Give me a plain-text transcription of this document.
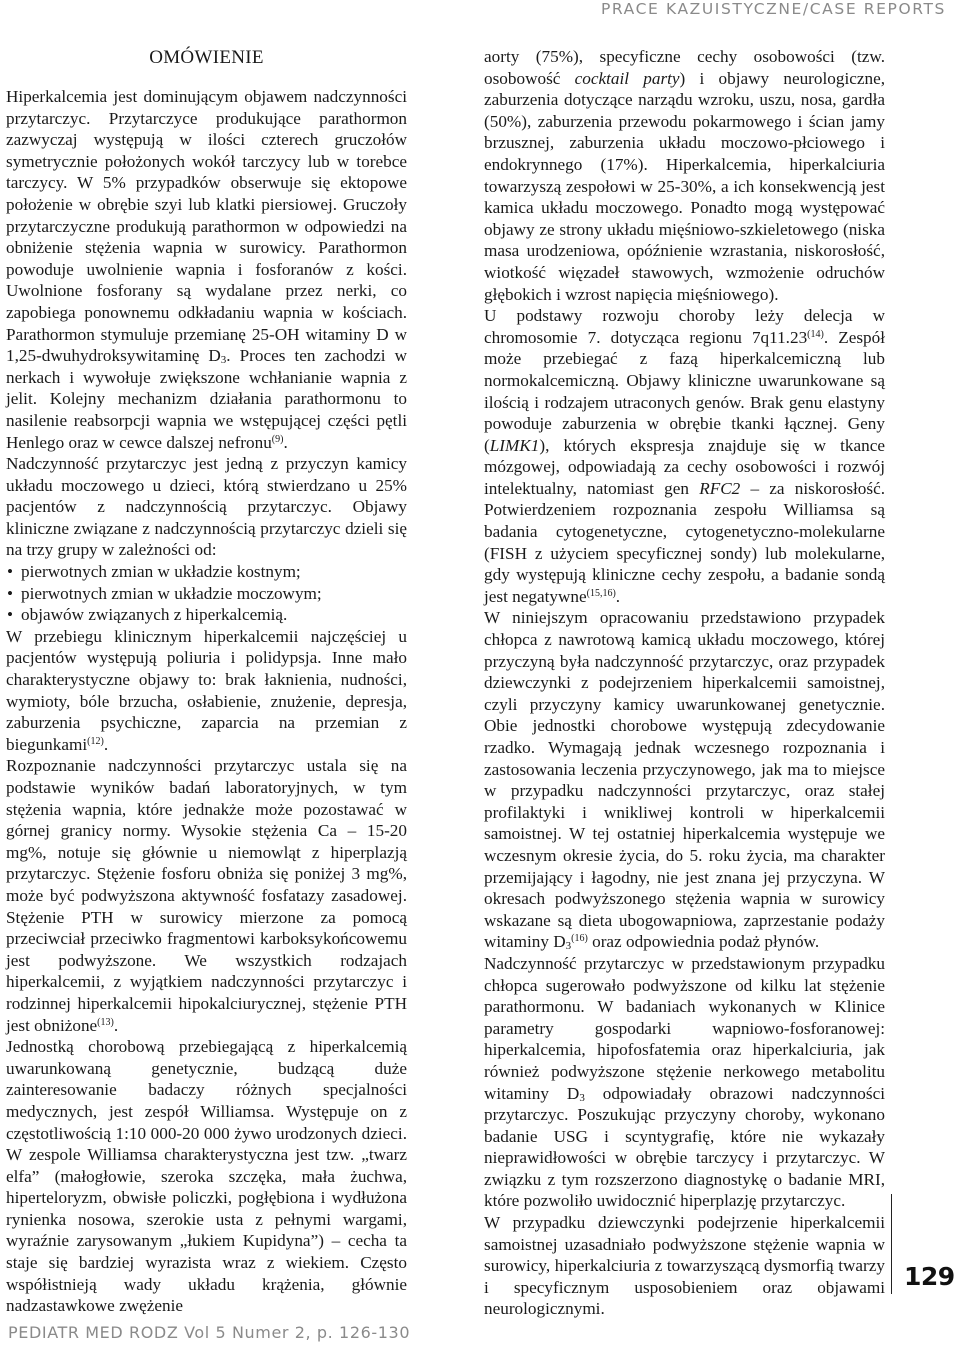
PRACE KAZUISTYCZNE/CASE REPORTS

OMÓWIENIE

Hiperkalcemia jest dominującym objawem nadczynności przytarczyc. Przytarczyce produkujące parathormon zazwyczaj występują w ilości czterech gruczołów symetrycznie położonych wokół tarczycy lub w torebce tarczycy. W 5% przypadków obserwuje się ektopowe położenie w obrębie szyi lub klatki piersiowej. Gruczoły przytarczyczne produkują parathormon w odpowiedzi na obniżenie stężenia wapnia w surowicy. Parathormon powoduje uwolnienie wapnia i fosforanów z kości. Uwolnione fosforany są wydalane przez nerki, co zapobiega ponownemu odkładaniu wapnia w kościach. Parathormon stymuluje przemianę 25-OH witaminy D w 1,25-dwuhydroksywitaminę $D_3$. Proces ten zachodzi w nerkach i wywołuje zwiększone wchłanianie wapnia z jelit. Kolejny mechanizm działania parathormonu to nasilenie reabsorpcji wapnia we wstępującej części pętli Henlego oraz w cewce dalszej nefronu$^{(9)}$.

Nadczynność przytarczyc jest jedną z przyczyn kamicy układu moczowego u dzieci, którą stwierdzano u 25% pacjentów z nadczynnością przytarczyc. Objawy kliniczne związane z nadczynnością przytarczyc dzieli się na trzy grupy w zależności od:

• pierwotnych zmian w układzie kostnym;
• pierwotnych zmian w układzie moczowym;
• objawów związanych z hiperkalcemią.

W przebiegu klinicznym hiperkalcemii najczęściej u pacjentów występują poliuria i polidypsja. Inne mało charakterystyczne objawy to: brak łaknienia, nudności, wymioty, bóle brzucha, osłabienie, znużenie, depresja, zaburzenia psychiczne, zaparcia na przemian z biegunkami$^{(12)}$.

Rozpoznanie nadczynności przytarczyc ustala się na podstawie wyników badań laboratoryjnych, w tym stężenia wapnia, które jednakże może pozostawać w górnej granicy normy. Wysokie stężenia Ca – 15-20 mg%, notuje się głównie u niemowląt z hiperplazją przytarczyc. Stężenie fosforu obniża się poniżej 3 mg%, może być podwyższona aktywność fosfatazy zasadowej. Stężenie PTH w surowicy mierzone za pomocą przeciwciał przeciwko fragmentowi karboksykońcowemu jest podwyższone. We wszystkich rodzajach hiperkalcemii, z wyjątkiem nadczynności przytarczyc i rodzinnej hiperkalcemii hipokalciurycznej, stężenie PTH jest obniżone$^{(13)}$.

Jednostką chorobową przebiegającą z hiperkalcemią uwarunkowaną genetycznie, budzącą duże zainteresowanie badaczy różnych specjalności medycznych, jest zespół Williamsa. Występuje on z częstotliwością 1:10 000-20 000 żywo urodzonych dzieci. W zespole Williamsa charakterystyczna jest tzw. „twarz elfa” (małogłowie, szeroka szczęka, mała żuchwa, hiperteloryzm, obwisłe policzki, pogłębiona i wydłużona rynienka nosowa, szerokie usta z pełnymi wargami, wyraźnie zarysowanym „łukiem Kupidyna”) – cecha ta staje się bardziej wyrazista wraz z wiekiem. Często współistnieją wady układu krążenia, głównie nadzastawkowe zwężenie

aorty (75%), specyficzne cechy osobowości (tzw. osobowość cocktail party) i objawy neurologiczne, zaburzenia dotyczące narządu wzroku, uszu, nosa, gardła (50%), zaburzenia przewodu pokarmowego i ścian jamy brzusznej, zaburzenia układu moczowo-płciowego i endokrynnego (17%). Hiperkalcemia, hiperkalciuria towarzyszą zespołowi w 25-30%, a ich konsekwencją jest kamica układu moczowego. Ponadto mogą występować objawy ze strony układu mięśniowo-szkieletowego (niska masa urodzeniowa, opóźnienie wzrastania, niskorosłość, wiotkość więzadeł stawowych, wzmożenie odruchów głębokich i wzrost napięcia mięśniowego).

U podstawy rozwoju choroby leży delecja w chromosomie 7. dotycząca regionu 7q11.23$^{(14)}$. Zespół może przebiegać z fazą hiperkalcemiczną lub normokalcemiczną. Objawy kliniczne uwarunkowane są ilością i rodzajem utraconych genów. Brak genu elastyny powoduje zaburzenia w obrębie tkanki łącznej. Geny (LIMK1), których ekspresja znajduje się w tkance mózgowej, odpowiadają za cechy osobowości i rozwój intelektualny, natomiast gen RFC2 – za niskorosłość. Potwierdzeniem rozpoznania zespołu Williamsa są badania cytogenetyczne, cytogenetyczno-molekularne (FISH z użyciem specyficznej sondy) lub molekularne, gdy występują kliniczne cechy zespołu, a badanie sondą jest negatywne$^{(15,16)}$.

W niniejszym opracowaniu przedstawiono przypadek chłopca z nawrotową kamicą układu moczowego, której przyczyną była nadczynność przytarczyc, oraz przypadek dziewczynki z podejrzeniem hiperkalcemii samoistnej, czyli przyczyny kamicy uwarunkowanej genetycznie. Obie jednostki chorobowe występują zdecydowanie rzadko. Wymagają jednak wczesnego rozpoznania i zastosowania leczenia przyczynowego, jak ma to miejsce w przypadku nadczynności przytarczyc, oraz stałej profilaktyki i wnikliwej kontroli w hiperkalcemii samoistnej. W tej ostatniej hiperkalcemia występuje we wczesnym okresie życia, do 5. roku życia, ma charakter przemijający i łagodny, nie jest znana jej przyczyna. W okresach podwyższonego stężenia wapnia w surowicy wskazane są dieta ubogowapniowa, zaprzestanie podaży witaminy $D_3^{(16)}$ oraz odpowiednia podaż płynów.

Nadczynność przytarczyc w przedstawionym przypadku chłopca sugerowało podwyższone od kilku lat stężenie parathormonu. W badaniach wykonanych w Klinice parametry gospodarki wapniowo-fosforanowej: hiperkalcemia, hipofosfatemia oraz hiperkalciuria, jak również podwyższone stężenie nerkowego metabolitu witaminy $D_3$ odpowiadały obrazowi nadczynności przytarczyc. Poszukując przyczyny choroby, wykonano badanie USG i scyntygrafię, które nie wykazały nieprawidłowości w obrębie tarczycy i przytarczyc. W związku z tym rozszerzono diagnostykę o badanie MRI, które pozwoliło uwidocznić hiperplazję przytarczyc.

W przypadku dziewczynki podejrzenie hiperkalcemii samoistnej uzasadniało podwyższone stężenie wapnia w surowicy, hiperkalciuria z towarzyszącą dysmorfią twarzy i specyficznym usposobieniem oraz objawami neurologicznymi.

129

PEDIATR MED RODZ Vol 5 Numer 2, p. 126-130
